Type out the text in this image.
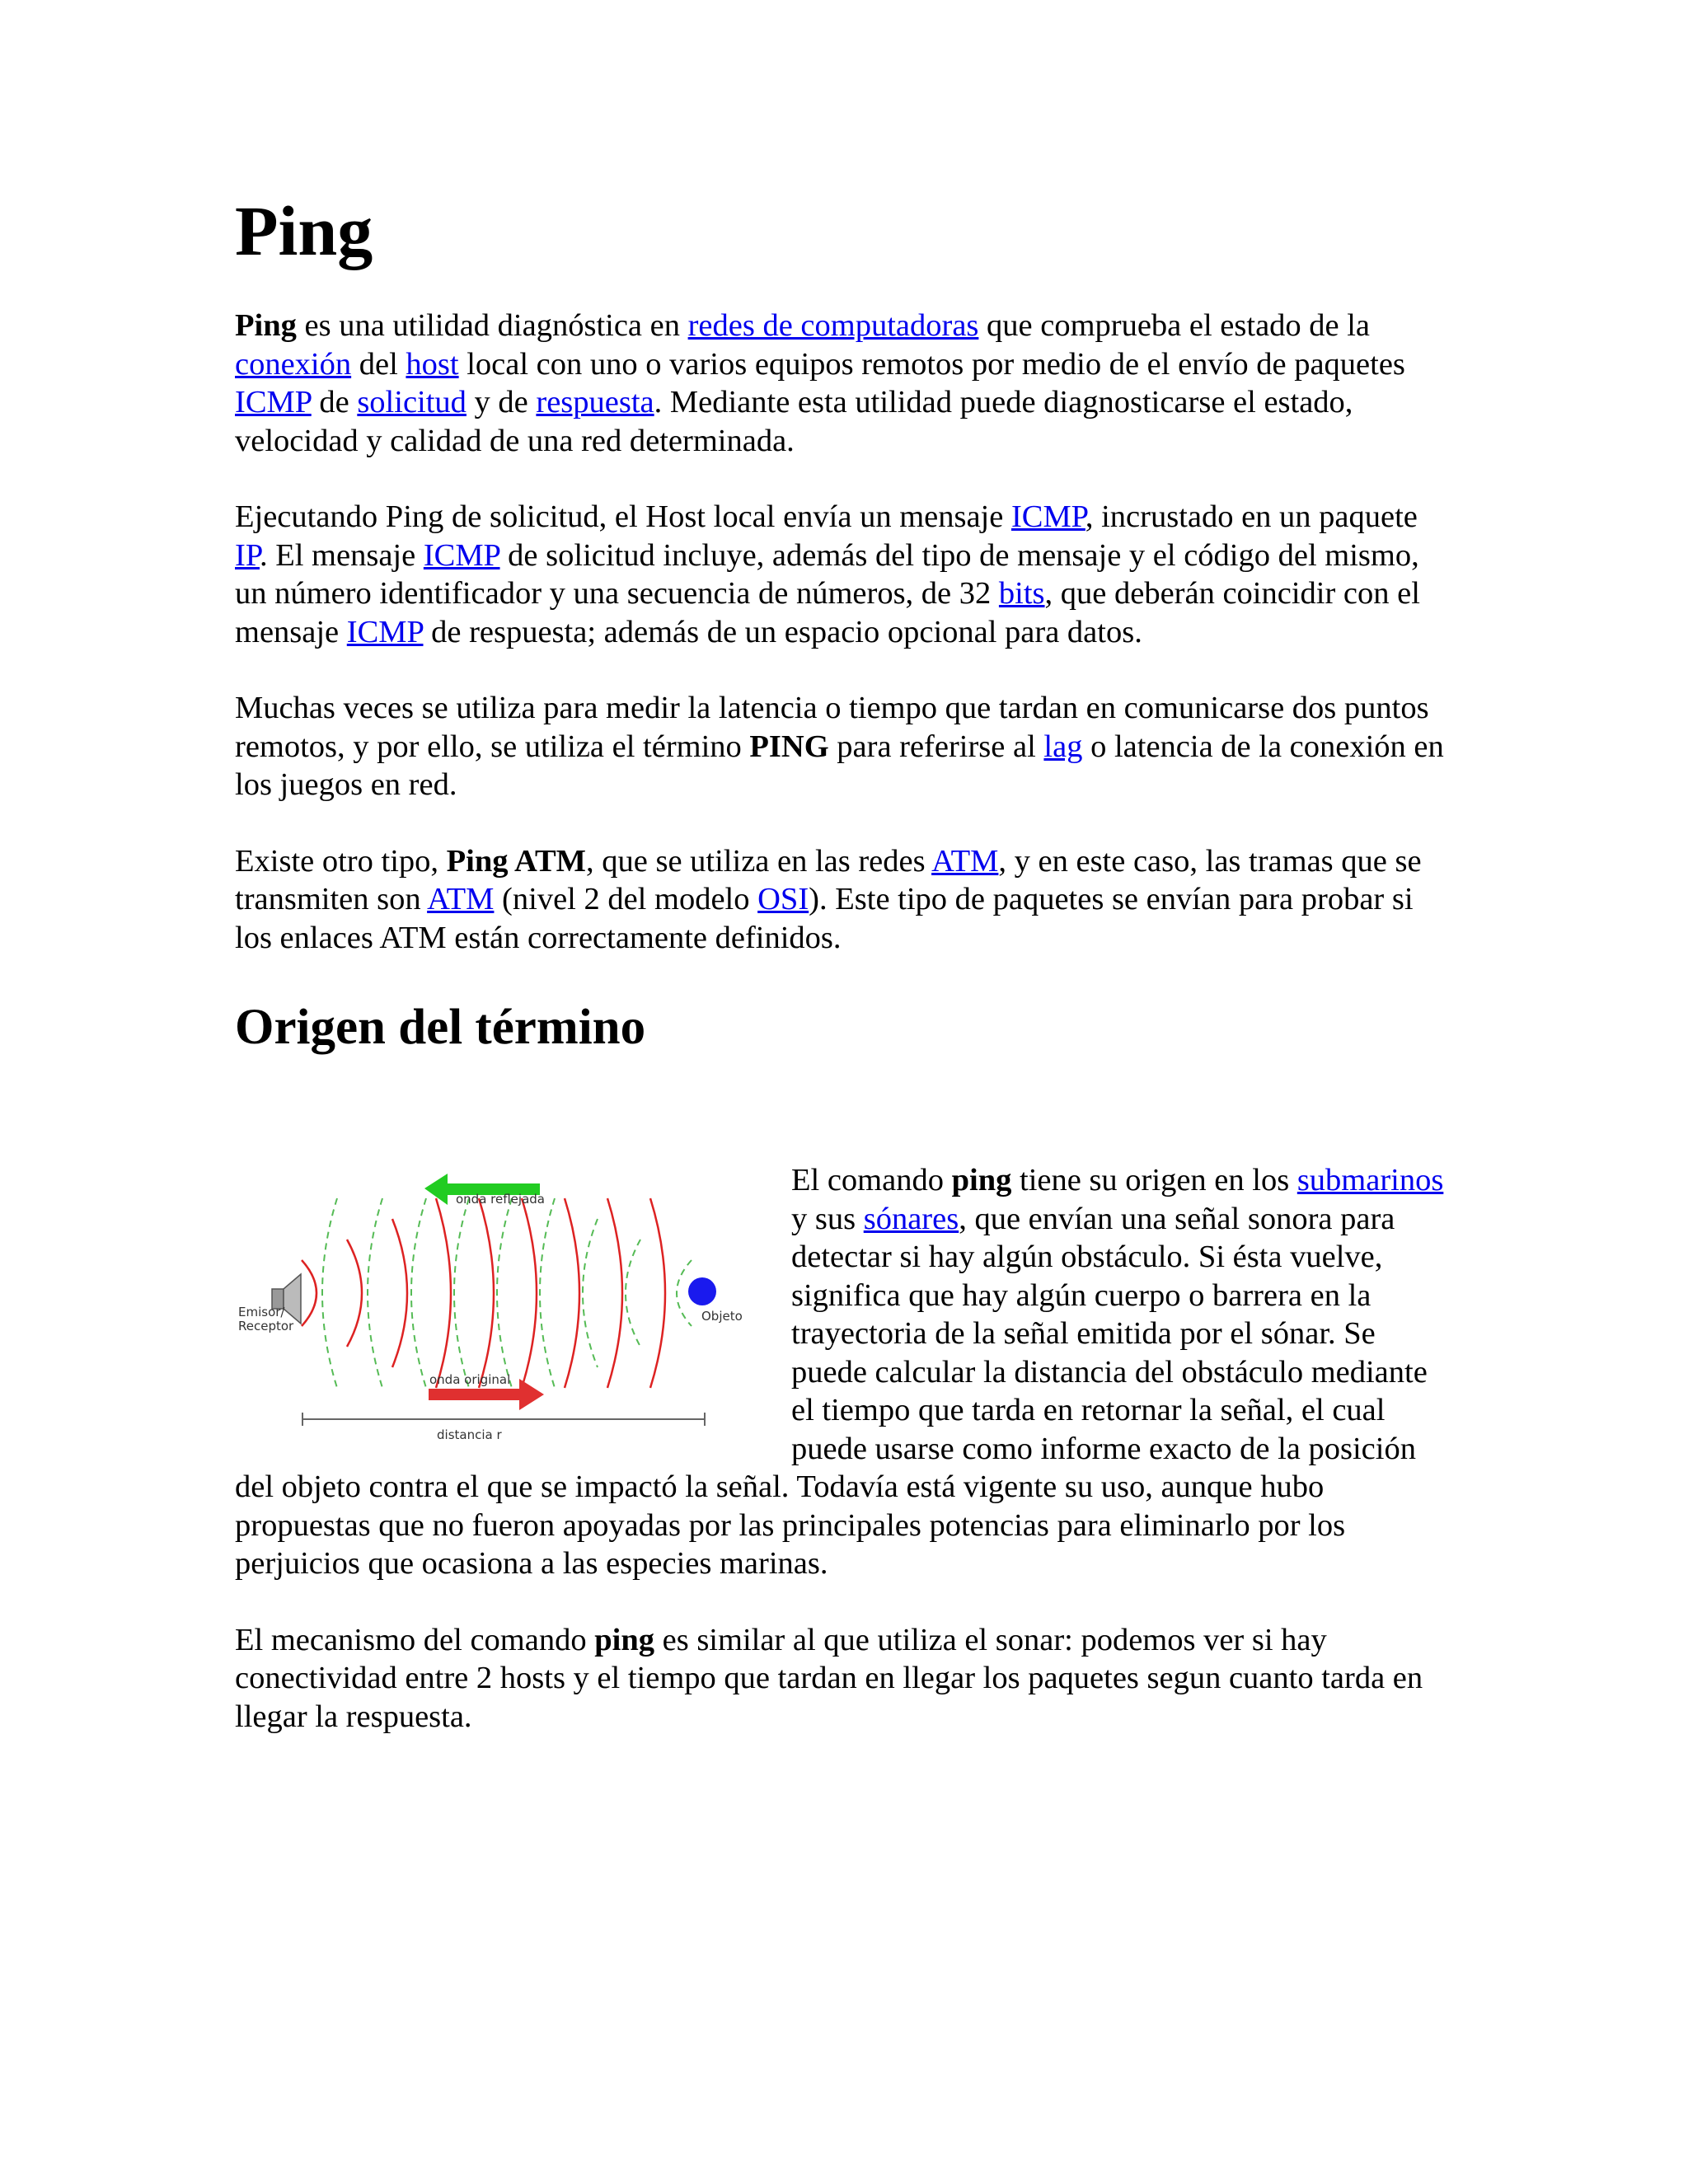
Ping

Ping es una utilidad diagnóstica en redes de computadoras que comprueba el estado de la conexión del host local con uno o varios equipos remotos por medio de el envío de paquetes ICMP de solicitud y de respuesta. Mediante esta utilidad puede diagnosticarse el estado, velocidad y calidad de una red determinada.

Ejecutando Ping de solicitud, el Host local envía un mensaje ICMP, incrustado en un paquete IP. El mensaje ICMP de solicitud incluye, además del tipo de mensaje y el código del mismo, un número identificador y una secuencia de números, de 32 bits, que deberán coincidir con el mensaje ICMP de respuesta; además de un espacio opcional para datos.

Muchas veces se utiliza para medir la latencia o tiempo que tardan en comunicarse dos puntos remotos, y por ello, se utiliza el término PING para referirse al lag o latencia de la conexión en los juegos en red.

Existe otro tipo, Ping ATM, que se utiliza en las redes ATM, y en este caso, las tramas que se transmiten son ATM (nivel 2 del modelo OSI). Este tipo de paquetes se envían para probar si los enlaces ATM están correctamente definidos.

Origen del término
onda reflejada
Emisor/
Receptor
Objeto
onda original
distancia r

El comando ping tiene su origen en los submarinos y sus sónares, que envían una señal sonora para detectar si hay algún obstáculo. Si ésta vuelve, significa que hay algún cuerpo o barrera en la trayectoria de la señal emitida por el sónar. Se puede calcular la distancia del obstáculo mediante el tiempo que tarda en retornar la señal, el cual puede usarse como informe exacto de la posición del objeto contra el que se impactó la señal. Todavía está vigente su uso, aunque hubo propuestas que no fueron apoyadas por las principales potencias para eliminarlo por los perjuicios que ocasiona a las especies marinas.

El mecanismo del comando ping es similar al que utiliza el sonar: podemos ver si hay conectividad entre 2 hosts y el tiempo que tardan en llegar los paquetes segun cuanto tarda en llegar la respuesta.
